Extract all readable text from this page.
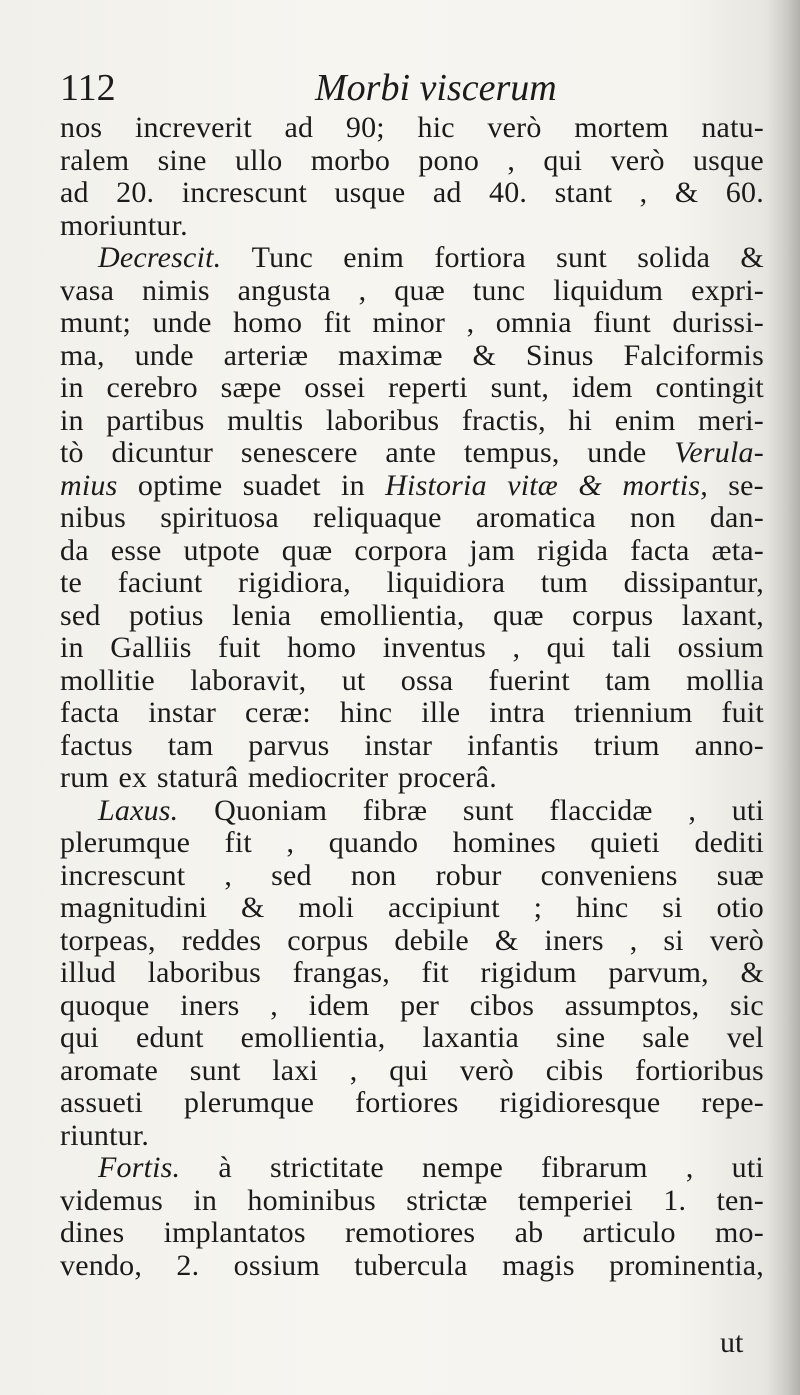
112	Morbi viscerum
nos increverit ad 90; hic verò mortem natu-
ralem sine ullo morbo pono , qui verò usque
ad 20. increscunt usque ad 40. stant , & 60.
moriuntur.
Decrescit. Tunc enim fortiora sunt solida &
vasa nimis angusta , quæ tunc liquidum expri-
munt; unde homo fit minor , omnia fiunt durissi-
ma, unde arteriæ maximæ & Sinus Falciformis
in cerebro sæpe ossei reperti sunt, idem contingit
in partibus multis laboribus fractis, hi enim meri-
tò dicuntur senescere ante tempus, unde Verula-
mius optime suadet in Historia vitæ & mortis, se-
nibus spirituosa reliquaque aromatica non dan-
da esse utpote quæ corpora jam rigida facta ætа-
te faciunt rigidiora, liquidiora tum dissipantur,
sed potius lenia emollientia, quæ corpus laxant,
in Galliis fuit homo inventus , qui tali ossium
mollitie laboravit, ut ossa fuerint tam mollia
facta instar ceræ: hinc ille intra triennium fuit
factus tam parvus instar infantis trium anno-
rum ex staturâ mediocriter procerâ.
Laxus. Quoniam fibræ sunt flaccidæ , uti
plerumque fit , quando homines quieti dediti
increscunt , sed non robur conveniens suæ
magnitudini & moli accipiunt ; hinc si otio
torpeas, reddes corpus debile & iners , si verò
illud laboribus frangas, fit rigidum parvum, &
quoque iners , idem per cibos assumptos, sic
qui edunt emollientia, laxantia sine sale vel
aromate sunt laxi , qui verò cibis fortioribus
assueti plerumque fortiores rigidioresque repe-
riuntur.
Fortis. à strictitate nempe fibrarum , uti
videmus in hominibus strictæ temperiei 1. ten-
dines implantatos remotiores ab articulo mo-
vendo, 2. ossium tubercula magis prominentia,
ut
